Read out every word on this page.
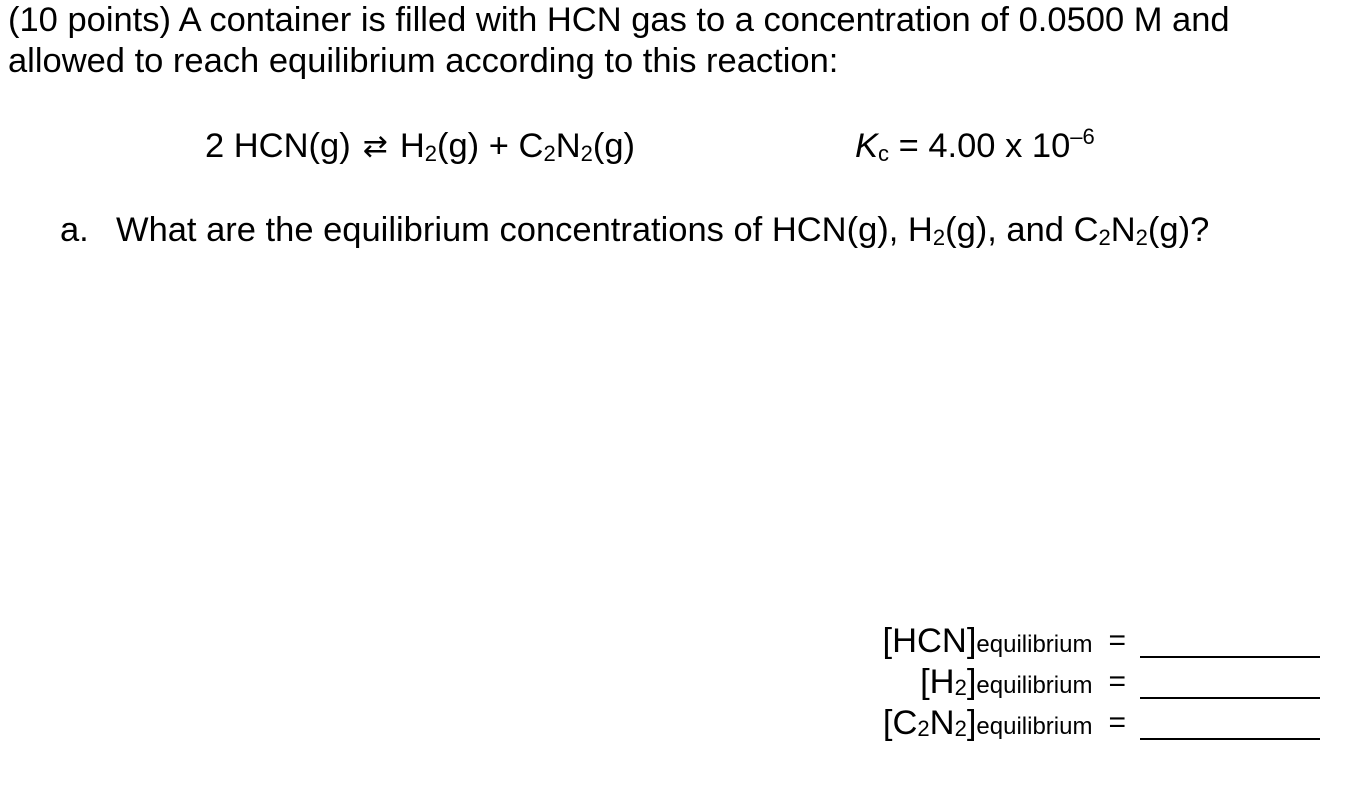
(10 points) A container is filled with HCN gas to a concentration of 0.0500 M and
allowed to reach equilibrium according to this reaction:
2 HCN(g) ⇄ H2(g) + C2N2(g)	Kc = 4.00 x $10^{-6}$
a. What are the equilibrium concentrations of HCN(g), H2(g), and C2N2(g)?
[HCN]equilibrium =
[H2]equilibrium =
[C2N2]equilibrium =
